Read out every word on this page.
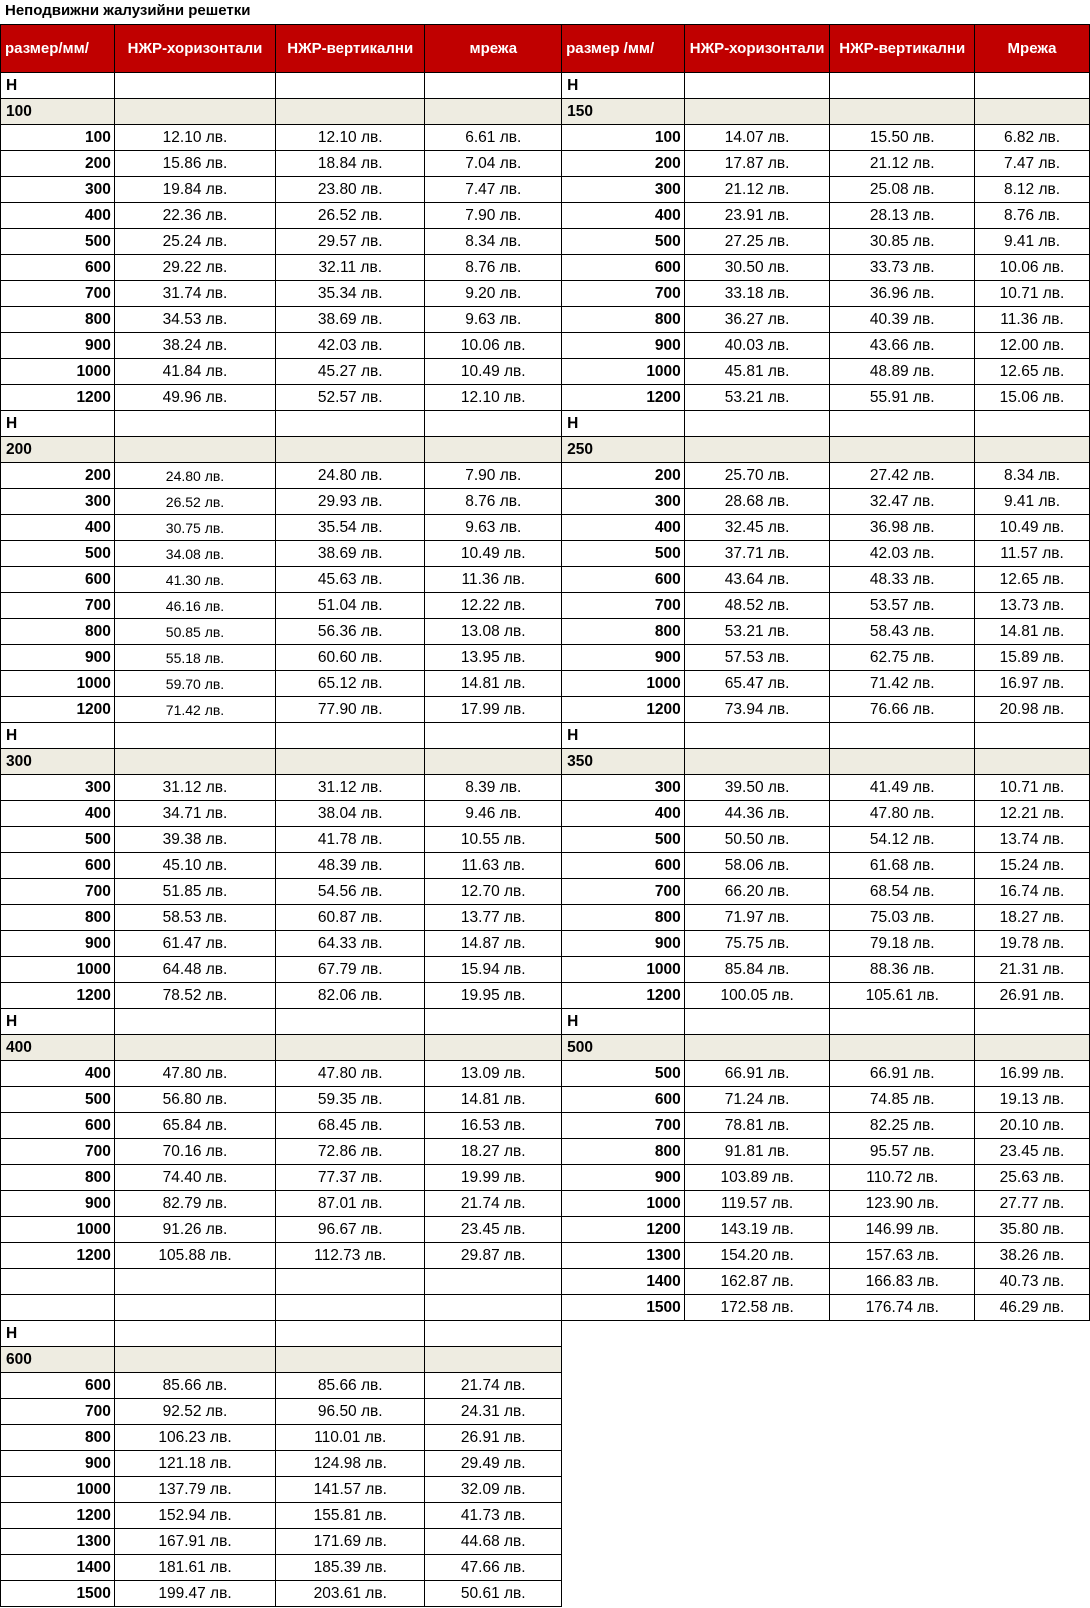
Неподвижни жалузийни решетки
размер/мм/	НЖР-хоризонтали	НЖР-вертикални	мрежа	размер /мм/	НЖР-хоризонтали	НЖР-вертикални	Мрежа
H				H			
100				150			
100	12.10 лв.	12.10 лв.	6.61 лв.	100	14.07 лв.	15.50 лв.	6.82 лв.
200	15.86 лв.	18.84 лв.	7.04 лв.	200	17.87 лв.	21.12 лв.	7.47 лв.
300	19.84 лв.	23.80 лв.	7.47 лв.	300	21.12 лв.	25.08 лв.	8.12 лв.
400	22.36 лв.	26.52 лв.	7.90 лв.	400	23.91 лв.	28.13 лв.	8.76 лв.
500	25.24 лв.	29.57 лв.	8.34 лв.	500	27.25 лв.	30.85 лв.	9.41 лв.
600	29.22 лв.	32.11 лв.	8.76 лв.	600	30.50 лв.	33.73 лв.	10.06 лв.
700	31.74 лв.	35.34 лв.	9.20 лв.	700	33.18 лв.	36.96 лв.	10.71 лв.
800	34.53 лв.	38.69 лв.	9.63 лв.	800	36.27 лв.	40.39 лв.	11.36 лв.
900	38.24 лв.	42.03 лв.	10.06 лв.	900	40.03 лв.	43.66 лв.	12.00 лв.
1000	41.84 лв.	45.27 лв.	10.49 лв.	1000	45.81 лв.	48.89 лв.	12.65 лв.
1200	49.96 лв.	52.57 лв.	12.10 лв.	1200	53.21 лв.	55.91 лв.	15.06 лв.
H				H			
200				250			
200	24.80 лв.	24.80 лв.	7.90 лв.	200	25.70 лв.	27.42 лв.	8.34 лв.
300	26.52 лв.	29.93 лв.	8.76 лв.	300	28.68 лв.	32.47 лв.	9.41 лв.
400	30.75 лв.	35.54 лв.	9.63 лв.	400	32.45 лв.	36.98 лв.	10.49 лв.
500	34.08 лв.	38.69 лв.	10.49 лв.	500	37.71 лв.	42.03 лв.	11.57 лв.
600	41.30 лв.	45.63 лв.	11.36 лв.	600	43.64 лв.	48.33 лв.	12.65 лв.
700	46.16 лв.	51.04 лв.	12.22 лв.	700	48.52 лв.	53.57 лв.	13.73 лв.
800	50.85 лв.	56.36 лв.	13.08 лв.	800	53.21 лв.	58.43 лв.	14.81 лв.
900	55.18 лв.	60.60 лв.	13.95 лв.	900	57.53 лв.	62.75 лв.	15.89 лв.
1000	59.70 лв.	65.12 лв.	14.81 лв.	1000	65.47 лв.	71.42 лв.	16.97 лв.
1200	71.42 лв.	77.90 лв.	17.99 лв.	1200	73.94 лв.	76.66 лв.	20.98 лв.
H				H			
300				350			
300	31.12 лв.	31.12 лв.	8.39 лв.	300	39.50 лв.	41.49 лв.	10.71 лв.
400	34.71 лв.	38.04 лв.	9.46 лв.	400	44.36 лв.	47.80 лв.	12.21 лв.
500	39.38 лв.	41.78 лв.	10.55 лв.	500	50.50 лв.	54.12 лв.	13.74 лв.
600	45.10 лв.	48.39 лв.	11.63 лв.	600	58.06 лв.	61.68 лв.	15.24 лв.
700	51.85 лв.	54.56 лв.	12.70 лв.	700	66.20 лв.	68.54 лв.	16.74 лв.
800	58.53 лв.	60.87 лв.	13.77 лв.	800	71.97 лв.	75.03 лв.	18.27 лв.
900	61.47 лв.	64.33 лв.	14.87 лв.	900	75.75 лв.	79.18 лв.	19.78 лв.
1000	64.48 лв.	67.79 лв.	15.94 лв.	1000	85.84 лв.	88.36 лв.	21.31 лв.
1200	78.52 лв.	82.06 лв.	19.95 лв.	1200	100.05 лв.	105.61 лв.	26.91 лв.
H				H			
400				500			
400	47.80 лв.	47.80 лв.	13.09 лв.	500	66.91 лв.	66.91 лв.	16.99 лв.
500	56.80 лв.	59.35 лв.	14.81 лв.	600	71.24 лв.	74.85 лв.	19.13 лв.
600	65.84 лв.	68.45 лв.	16.53 лв.	700	78.81 лв.	82.25 лв.	20.10 лв.
700	70.16 лв.	72.86 лв.	18.27 лв.	800	91.81 лв.	95.57 лв.	23.45 лв.
800	74.40 лв.	77.37 лв.	19.99 лв.	900	103.89 лв.	110.72 лв.	25.63 лв.
900	82.79 лв.	87.01 лв.	21.74 лв.	1000	119.57 лв.	123.90 лв.	27.77 лв.
1000	91.26 лв.	96.67 лв.	23.45 лв.	1200	143.19 лв.	146.99 лв.	35.80 лв.
1200	105.88 лв.	112.73 лв.	29.87 лв.	1300	154.20 лв.	157.63 лв.	38.26 лв.
				1400	162.87 лв.	166.83 лв.	40.73 лв.
				1500	172.58 лв.	176.74 лв.	46.29 лв.
H							
600							
600	85.66 лв.	85.66 лв.	21.74 лв.				
700	92.52 лв.	96.50 лв.	24.31 лв.				
800	106.23 лв.	110.01 лв.	26.91 лв.				
900	121.18 лв.	124.98 лв.	29.49 лв.				
1000	137.79 лв.	141.57 лв.	32.09 лв.				
1200	152.94 лв.	155.81 лв.	41.73 лв.				
1300	167.91 лв.	171.69 лв.	44.68 лв.				
1400	181.61 лв.	185.39 лв.	47.66 лв.				
1500	199.47 лв.	203.61 лв.	50.61 лв.				
